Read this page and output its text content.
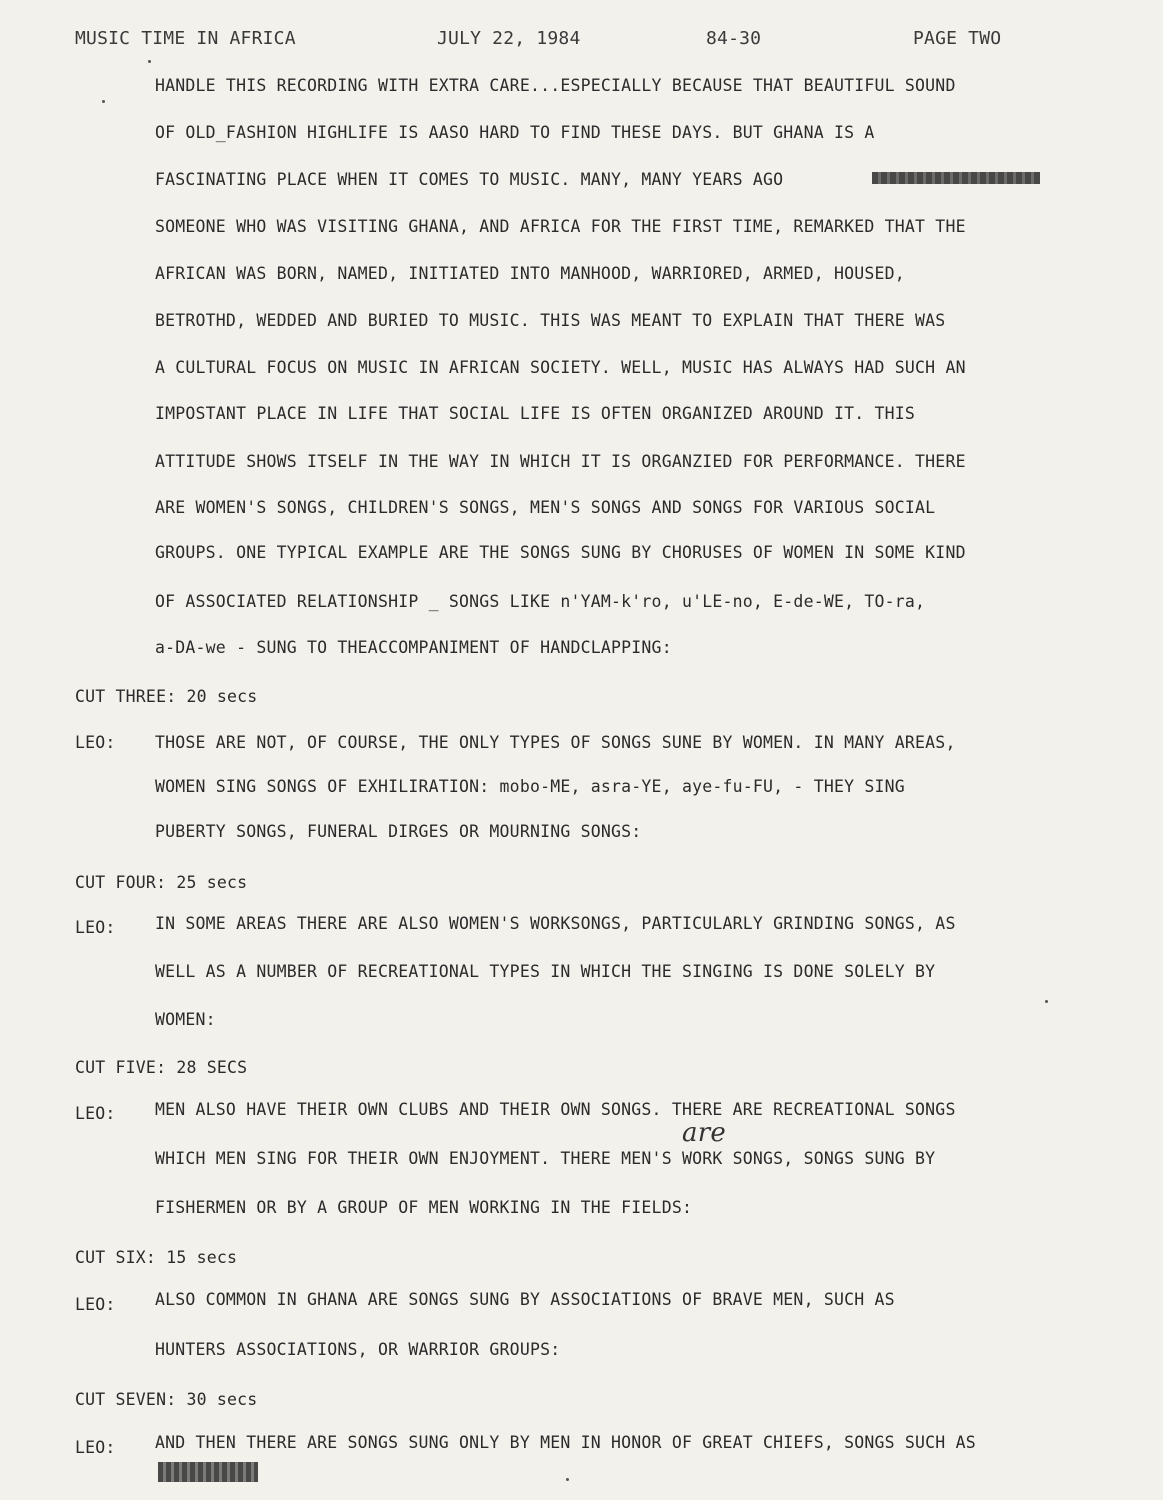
MUSIC TIME IN AFRICA	JULY 22, 1984	84-30	PAGE TWO
HANDLE THIS RECORDING WITH EXTRA CARE...ESPECIALLY BECAUSE THAT BEAUTIFUL SOUND
OF OLD_FASHION HIGHLIFE IS AASO HARD TO FIND THESE DAYS. BUT GHANA IS A
FASCINATING PLACE WHEN IT COMES TO MUSIC. MANY, MANY YEARS AGO
SOMEONE WHO WAS VISITING GHANA, AND AFRICA FOR THE FIRST TIME, REMARKED THAT THE
AFRICAN WAS BORN, NAMED, INITIATED INTO MANHOOD, WARRIORED, ARMED, HOUSED,
BETROTHD, WEDDED AND BURIED TO MUSIC. THIS WAS MEANT TO EXPLAIN THAT THERE WAS
A CULTURAL FOCUS ON MUSIC IN AFRICAN SOCIETY. WELL, MUSIC HAS ALWAYS HAD SUCH AN
IMPOSTANT PLACE IN LIFE THAT SOCIAL LIFE IS OFTEN ORGANIZED AROUND IT. THIS
ATTITUDE SHOWS ITSELF IN THE WAY IN WHICH IT IS ORGANZIED FOR PERFORMANCE. THERE
ARE WOMEN'S SONGS, CHILDREN'S SONGS, MEN'S SONGS AND SONGS FOR VARIOUS SOCIAL
GROUPS. ONE TYPICAL EXAMPLE ARE THE SONGS SUNG BY CHORUSES OF WOMEN IN SOME KIND
OF ASSOCIATED RELATIONSHIP _ SONGS LIKE n'YAM-k'ro, u'LE-no, E-de-WE, TO-ra,
a-DA-we - SUNG TO THEACCOMPANIMENT OF HANDCLAPPING:
CUT THREE: 20 secs
LEO: THOSE ARE NOT, OF COURSE, THE ONLY TYPES OF SONGS SUNE BY WOMEN. IN MANY AREAS,
WOMEN SING SONGS OF EXHILIRATION: mobo-ME, asra-YE, aye-fu-FU, - THEY SING
PUBERTY SONGS, FUNERAL DIRGES OR MOURNING SONGS:
CUT FOUR: 25 secs
LEO: IN SOME AREAS THERE ARE ALSO WOMEN'S WORKSONGS, PARTICULARLY GRINDING SONGS, AS
WELL AS A NUMBER OF RECREATIONAL TYPES IN WHICH THE SINGING IS DONE SOLELY BY
WOMEN:
CUT FIVE: 28 SECS
LEO: MEN ALSO HAVE THEIR OWN CLUBS AND THEIR OWN SONGS. THERE ARE RECREATIONAL SONGS
are
WHICH MEN SING FOR THEIR OWN ENJOYMENT. THERE MEN'S WORK SONGS, SONGS SUNG BY
FISHERMEN OR BY A GROUP OF MEN WORKING IN THE FIELDS:
CUT SIX: 15 secs
LEO: ALSO COMMON IN GHANA ARE SONGS SUNG BY ASSOCIATIONS OF BRAVE MEN, SUCH AS
HUNTERS ASSOCIATIONS, OR WARRIOR GROUPS:
CUT SEVEN: 30 secs
LEO: AND THEN THERE ARE SONGS SUNG ONLY BY MEN IN HONOR OF GREAT CHIEFS, SONGS SUCH AS
